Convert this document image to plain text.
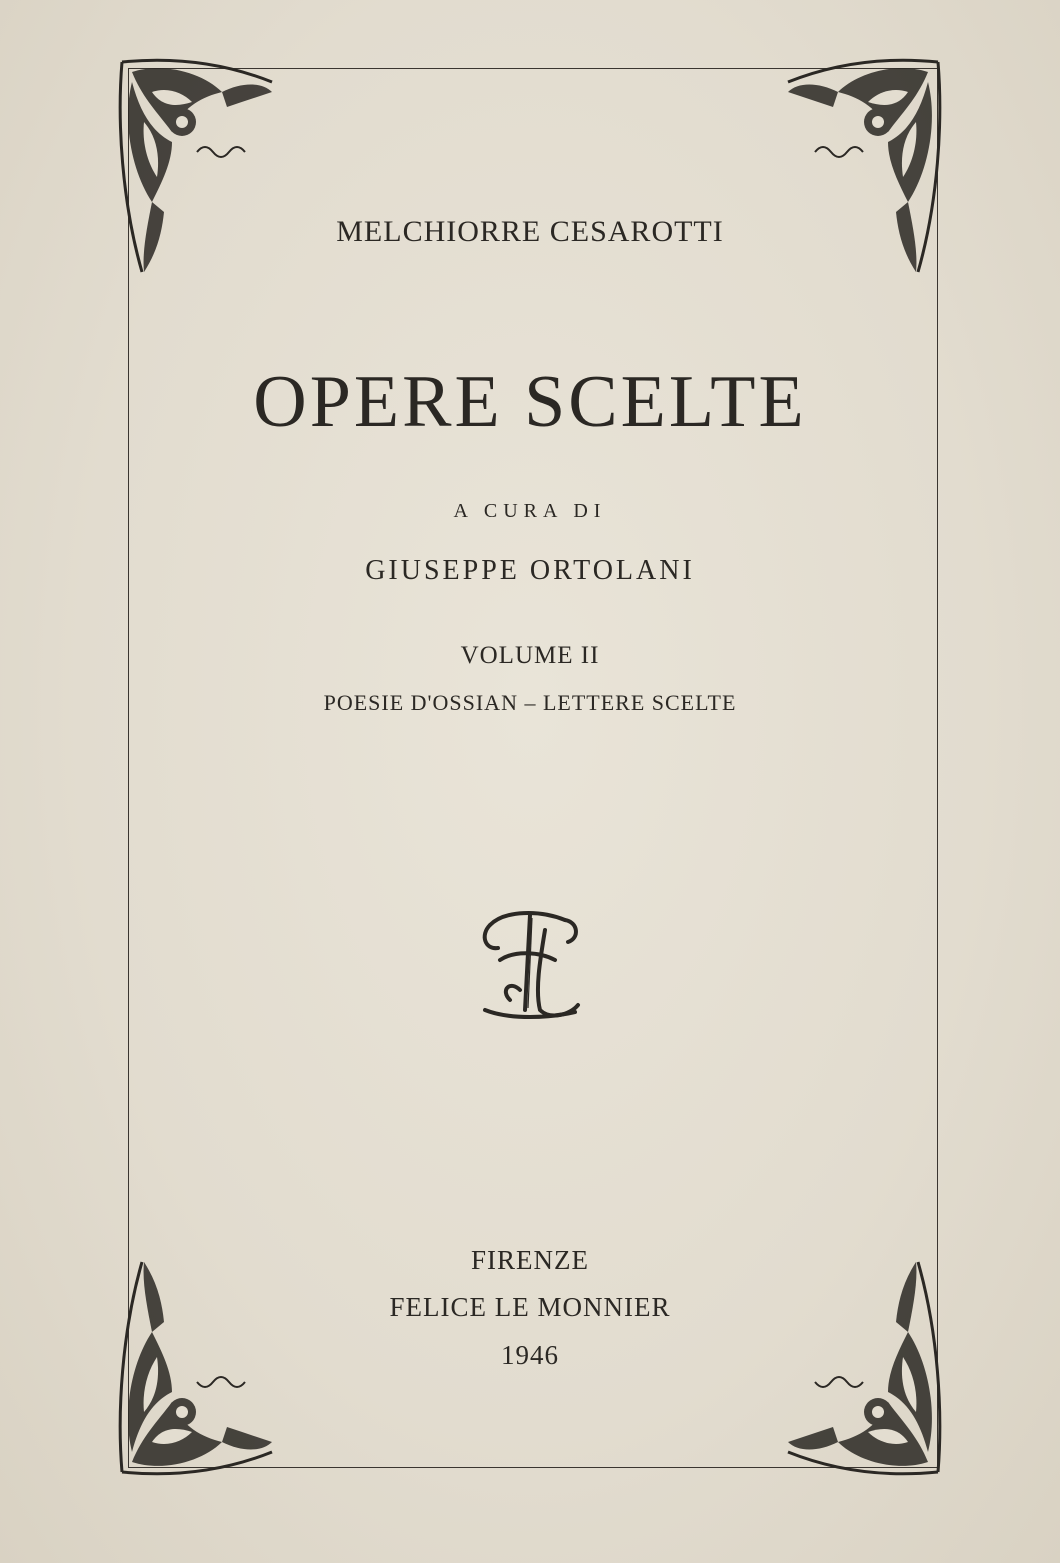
MELCHIORRE CESAROTTI
OPERE SCELTE
A CURA DI
GIUSEPPE ORTOLANI
VOLUME II
POESIE D'OSSIAN – LETTERE SCELTE
FIRENZE
FELICE LE MONNIER
1946
